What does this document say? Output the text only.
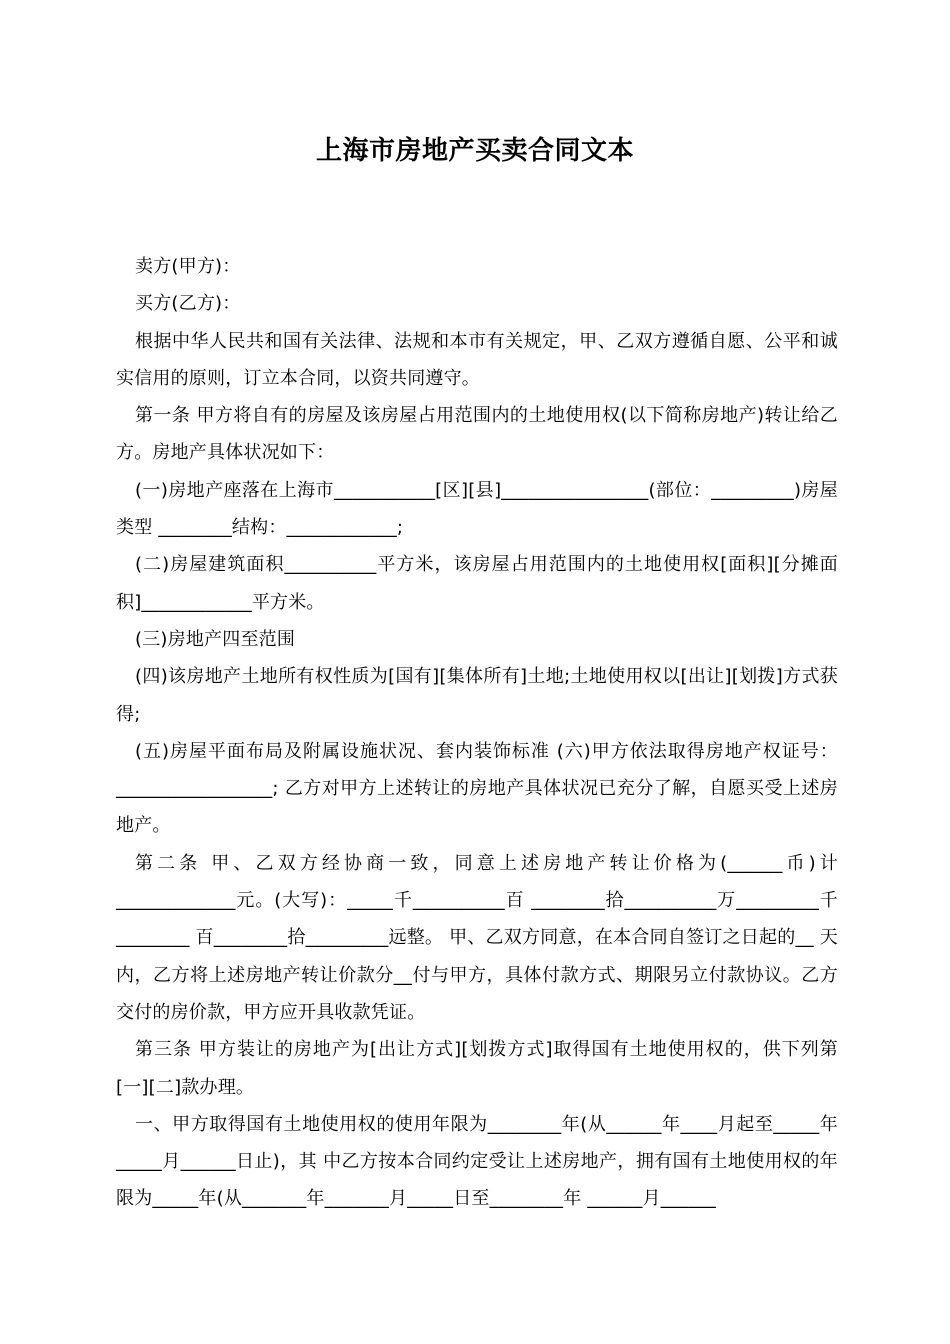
上海市房地产买卖合同文本

卖方(甲方)：

买方(乙方)：

根据中华人民共和国有关法律、法规和本市有关规定，甲、乙双方遵循自愿、公平和诚实信用的原则，订立本合同，以资共同遵守。

第一条 甲方将自有的房屋及该房屋占用范围内的土地使用权(以下简称房地产)转让给乙方。房地产具体状况如下：

(一)房地产座落在上海市___________[区][县]________________(部位：_________)房屋类型 ________结构：____________;

(二)房屋建筑面积__________平方米，该房屋占用范围内的土地使用权[面积][分摊面积]____________平方米。

(三)房地产四至范围

(四)该房地产土地所有权性质为[国有][集体所有]土地;土地使用权以[出让][划拨]方式获得;

(五)房屋平面布局及附属设施状况、套内装饰标准 (六)甲方依法取得房地产权证号：_________________; 乙方对甲方上述转让的房地产具体状况已充分了解，自愿买受上述房地产。

第二条 甲、乙双方经协商一致，同意上述房地产转让价格为(______币)计_____________元。(大写)：_____千__________百 ________拾__________万_________千________ 百________拾_________远整。 甲、乙双方同意，在本合同自签订之日起的__ 天内，乙方将上述房地产转让价款分__付与甲方，具体付款方式、期限另立付款协议。乙方交付的房价款，甲方应开具收款凭证。

第三条 甲方装让的房地产为[出让方式][划拨方式]取得国有土地使用权的，供下列第[一][二]款办理。

一、甲方取得国有土地使用权的使用年限为________年(从______年____月起至_____年_____月______日止)，其 中乙方按本合同约定受让上述房地产，拥有国有土地使用权的年限为_____年(从_______年_______月_____日至________年 ______月______
